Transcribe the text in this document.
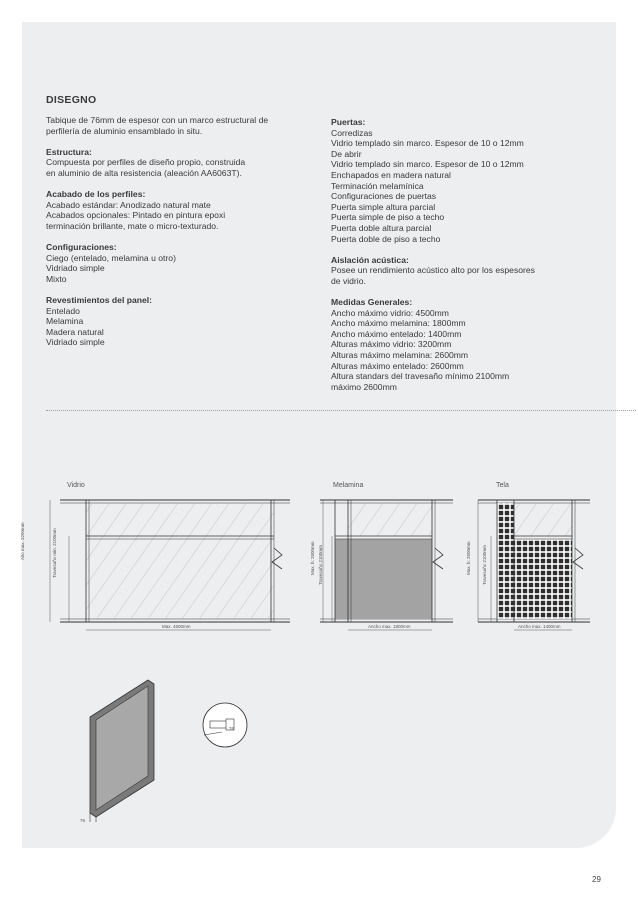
DISEGNO
Tabique de 76mm de espesor con un marco estructural de perfilería de aluminio ensamblado in situ.
Estructura:
Compuesta por perfiles de diseño propio, construida
en aluminio de alta resistencia (aleación AA6063T).
Acabado de los perfiles:
Acabado estándar: Anodizado natural mate
Acabados opcionales: Pintado en pintura epoxi
terminación brillante, mate o micro-texturado.
Configuraciones:
Ciego (entelado, melamina u otro)
Vidriado simple
Mixto
Revestimientos del panel:
Entelado
Melamina
Madera natural
Vidriado simple
Puertas:
Corredizas
Vidrio templado sin marco. Espesor de 10 o 12mm
De abrir
Vidrio templado sin marco. Espesor de 10 o 12mm
Enchapados en madera natural
Terminación melamínica
Configuraciones de puertas
Puerta simple altura parcial
Puerta simple de piso a techo
Puerta doble altura parcial
Puerta doble de piso a techo
Aislación acústica:
Posee un rendimiento acústico alto por los espesores
de vidrio.
Medidas Generales:
Ancho máximo vidrio: 4500mm
Ancho máximo melamina: 1800mm
Ancho máximo entelado: 1400mm
Alturas máximo vidrio: 3200mm
Alturas máximo melamina: 2600mm
Alturas máximo entelado: 2600mm
Altura standars del travesaño mínimo 2100mm
máximo 2600mm
Vidrio	Melamina	Tela
Max. 4500mm	Ancho max. 1800mm	Ancho max. 1400mm
Alto max. 3200mm	Travesaño min. 2100mm	Max. h: 2600mm Travesaño 2100mm	Max. h: 2600mm Travesaño 2100mm
76
76
29
